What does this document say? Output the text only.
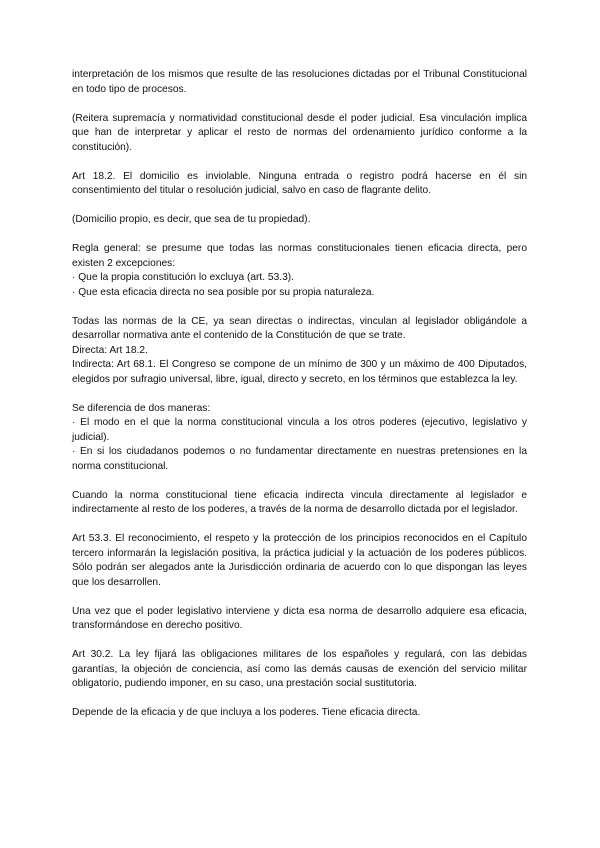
interpretación de los mismos que resulte de las resoluciones dictadas por el Tribunal Constitucional en todo tipo de procesos.
(Reitera supremacía y normatividad constitucional desde el poder judicial. Esa vinculación implica que han de interpretar y aplicar el resto de normas del ordenamiento jurídico conforme a la constitución).
Art 18.2. El domicilio es inviolable. Ninguna entrada o registro podrá hacerse en él sin consentimiento del titular o resolución judicial, salvo en caso de flagrante delito.
(Domicilio propio, es decir, que sea de tu propiedad).
Regla general: se presume que todas las normas constitucionales tienen eficacia directa, pero existen 2 excepciones:
· Que la propia constitución lo excluya (art. 53.3).
· Que esta eficacia directa no sea posible por su propia naturaleza.
Todas las normas de la CE, ya sean directas o indirectas, vinculan al legislador obligándole a desarrollar normativa ante el contenido de la Constitución de que se trate.
Directa: Art 18.2.
Indirecta: Art 68.1. El Congreso se compone de un mínimo de 300 y un máximo de 400 Diputados, elegidos por sufragio universal, libre, igual, directo y secreto, en los términos que establezca la ley.
Se diferencia de dos maneras:
· El modo en el que la norma constitucional vincula a los otros poderes (ejecutivo, legislativo y judicial).
· En si los ciudadanos podemos o no fundamentar directamente en nuestras pretensiones en la norma constitucional.
Cuando la norma constitucional tiene eficacia indirecta vincula directamente al legislador e indirectamente al resto de los poderes, a través de la norma de desarrollo dictada por el legislador.
Art 53.3. El reconocimiento, el respeto y la protección de los principios reconocidos en el Capítulo tercero informarán la legislación positiva, la práctica judicial y la actuación de los poderes públicos. Sólo podrán ser alegados ante la Jurisdicción ordinaria de acuerdo con lo que dispongan las leyes que los desarrollen.
Una vez que el poder legislativo interviene y dicta esa norma de desarrollo adquiere esa eficacia, transformándose en derecho positivo.
Art 30.2. La ley fijará las obligaciones militares de los españoles y regulará, con las debidas garantías, la objeción de conciencia, así como las demás causas de exención del servicio militar obligatorio, pudiendo imponer, en su caso, una prestación social sustitutoria.
Depende de la eficacia y de que incluya a los poderes. Tiene eficacia directa.
